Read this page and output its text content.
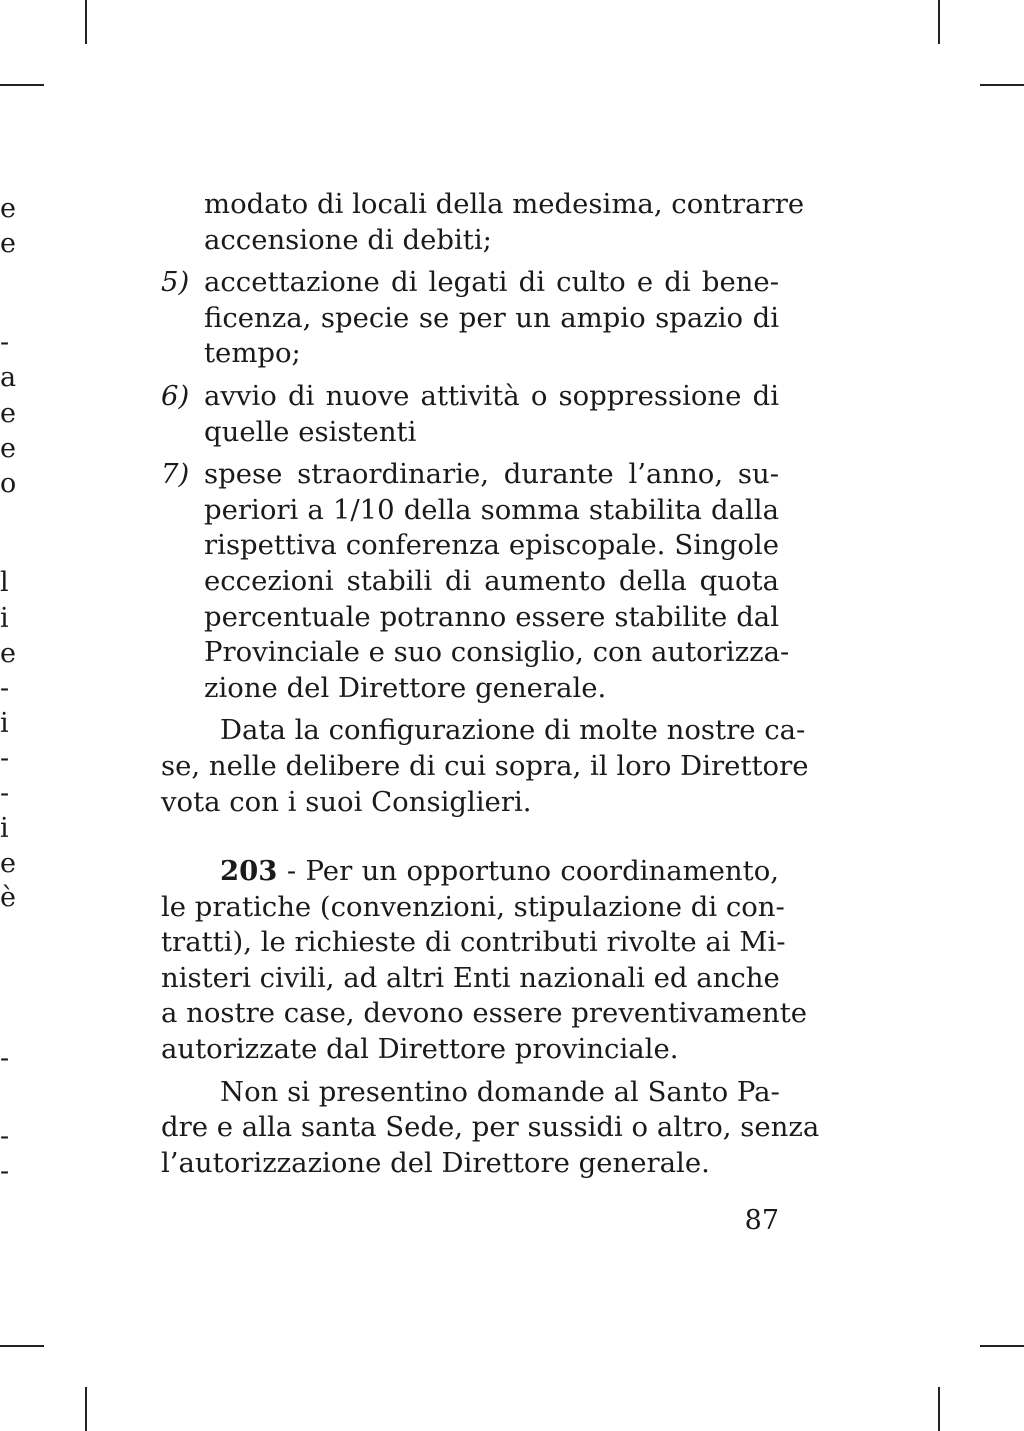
e
e
-
a
e
e
o
l
i
e
-
i
-
-
i
e
è
-
-
-
modato di locali della medesima, contrarre
accensione di debiti;
5) accettazione di legati di culto e di bene-
ficenza, specie se per un ampio spazio di
tempo;
6) avvio di nuove attività o soppressione di
quelle esistenti
7) spese straordinarie, durante l’anno, su-
periori a 1/10 della somma stabilita dalla
rispettiva conferenza episcopale. Singole
eccezioni stabili di aumento della quota
percentuale potranno essere stabilite dal
Provinciale e suo consiglio, con autorizza-
zione del Direttore generale.
Data la configurazione di molte nostre ca-
se, nelle delibere di cui sopra, il loro Direttore
vota con i suoi Consiglieri.
203 - Per un opportuno coordinamento,
le pratiche (convenzioni, stipulazione di con-
tratti), le richieste di contributi rivolte ai Mi-
nisteri civili, ad altri Enti nazionali ed anche
a nostre case, devono essere preventivamente
autorizzate dal Direttore provinciale.
Non si presentino domande al Santo Pa-
dre e alla santa Sede, per sussidi o altro, senza
l’autorizzazione del Direttore generale.
87
